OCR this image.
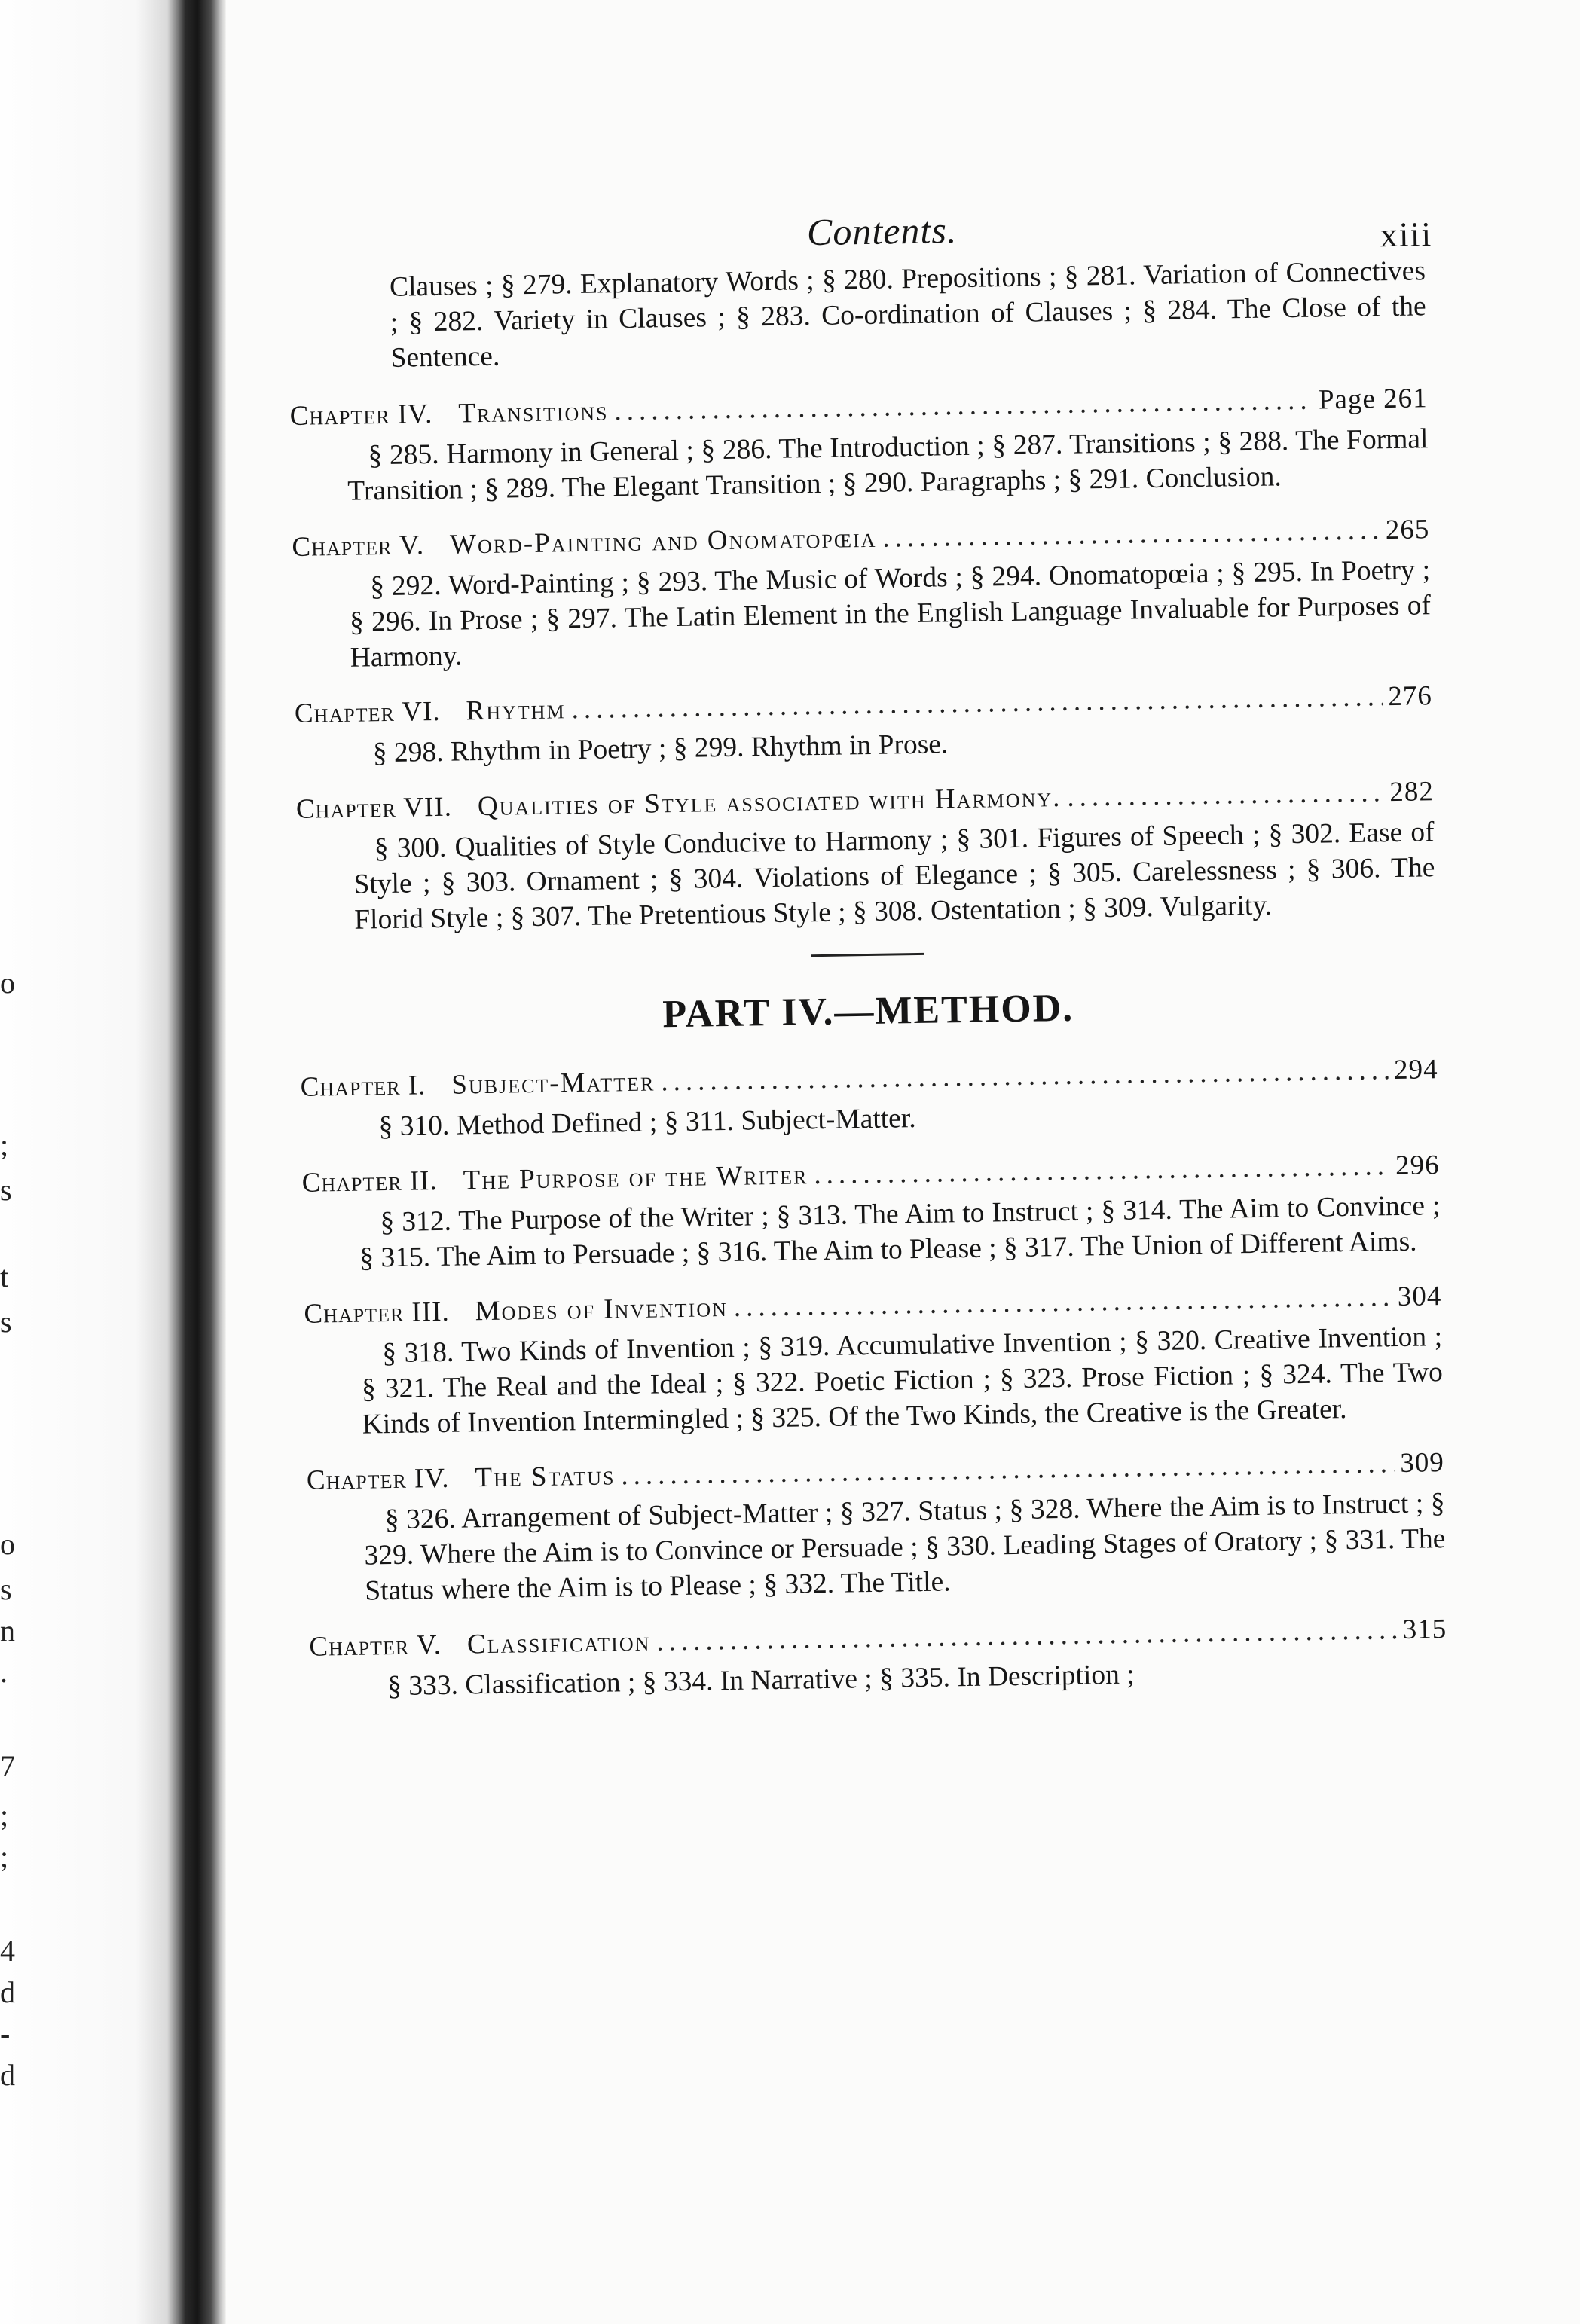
o
;
s
t
s
o
s
n
.
7
;
;
4
d
-
d
Contents.	xiii

Clauses ; § 279. Explanatory Words ; § 280. Prepositions ; § 281. Variation of Connectives ; § 282. Variety in Clauses ; § 283. Co-ordination of Clauses ; § 284. The Close of the Sentence.

Chapter IV. Transitions .....	Page 261

§ 285. Harmony in General ; § 286. The Introduction ; § 287. Transitions ; § 288. The Formal Transition ; § 289. The Elegant Transition ; § 290. Paragraphs ; § 291. Conclusion.

Chapter V. Word-Painting and Onomatopœia .....	265

§ 292. Word-Painting ; § 293. The Music of Words ; § 294. Onomatopœia ; § 295. In Poetry ; § 296. In Prose ; § 297. The Latin Element in the English Language Invaluable for Purposes of Harmony.

Chapter VI. Rhythm .....	276

§ 298. Rhythm in Poetry ; § 299. Rhythm in Prose.

Chapter VII. Qualities of Style associated with Harmony. .....	282

§ 300. Qualities of Style Conducive to Harmony ; § 301. Figures of Speech ; § 302. Ease of Style ; § 303. Ornament ; § 304. Violations of Elegance ; § 305. Carelessness ; § 306. The Florid Style ; § 307. The Pretentious Style ; § 308. Ostentation ; § 309. Vulgarity.

PART IV.—METHOD.
Chapter I. Subject-Matter .....	294

§ 310. Method Defined ; § 311. Subject-Matter.

Chapter II. The Purpose of the Writer .....	296

§ 312. The Purpose of the Writer ; § 313. The Aim to Instruct ; § 314. The Aim to Convince ; § 315. The Aim to Persuade ; § 316. The Aim to Please ; § 317. The Union of Different Aims.

Chapter III. Modes of Invention .....	304

§ 318. Two Kinds of Invention ; § 319. Accumulative Invention ; § 320. Creative Invention ; § 321. The Real and the Ideal ; § 322. Poetic Fiction ; § 323. Prose Fiction ; § 324. The Two Kinds of Invention Intermingled ; § 325. Of the Two Kinds, the Creative is the Greater.

Chapter IV. The Status .....	309

§ 326. Arrangement of Subject-Matter ; § 327. Status ; § 328. Where the Aim is to Instruct ; § 329. Where the Aim is to Convince or Persuade ; § 330. Leading Stages of Oratory ; § 331. The Status where the Aim is to Please ; § 332. The Title.

Chapter V. Classification .....	315

§ 333. Classification ; § 334. In Narrative ; § 335. In Description ;
